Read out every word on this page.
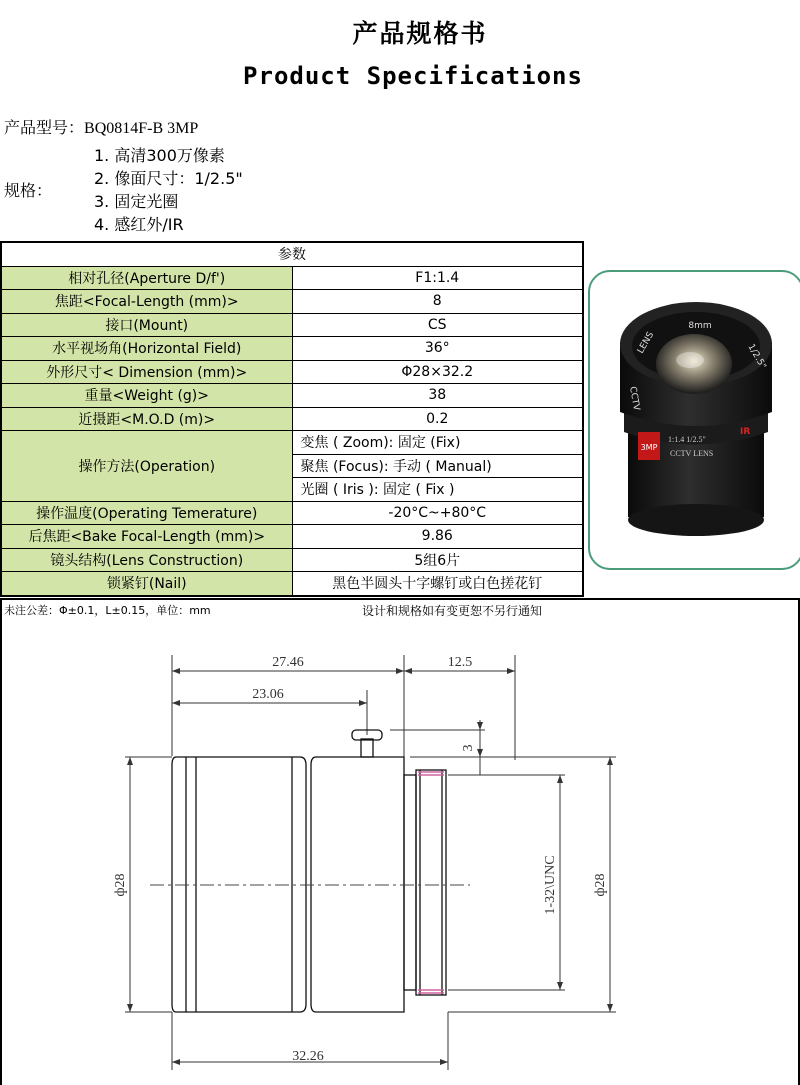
产品规格书
Product Specifications
产品型号：BQ0814F-B 3MP
规格：
1. 高清300万像素
2. 像面尺寸：1/2.5"
3. 固定光圈
4. 感红外/IR
参数	
相对孔径(Aperture D/f')	F1:1.4
焦距<Focal-Length (mm)>	8
接口(Mount)	CS
水平视场角(Horizontal Field)	36°
外形尺寸< Dimension (mm)>	Φ28×32.2
重量<Weight (g)>	38
近摄距<M.O.D (m)>	0.2
操作方法(Operation)	变焦 ( Zoom): 固定 (Fix)
	聚焦 (Focus): 手动 ( Manual)
	光圈 ( Iris ): 固定 ( Fix )
操作温度(Operating Temerature)	-20°C~+80°C
后焦距<Bake Focal-Length (mm)>	9.86
镜头结构(Lens Construction)	5组6片
锁紧钉(Nail)	黑色半圆头十字螺钉或白色搓花钉
3MP
8mm
LENS	1/2.5"
CCTV
1:1.4 1/2.5"
CCTV LENS
IR
未注公差：Φ±0.1，L±0.15，单位：mm	设计和规格如有变更恕不另行通知
27.46	12.5
23.06
32.26
3
ф28	1-32\UNC	ф28
